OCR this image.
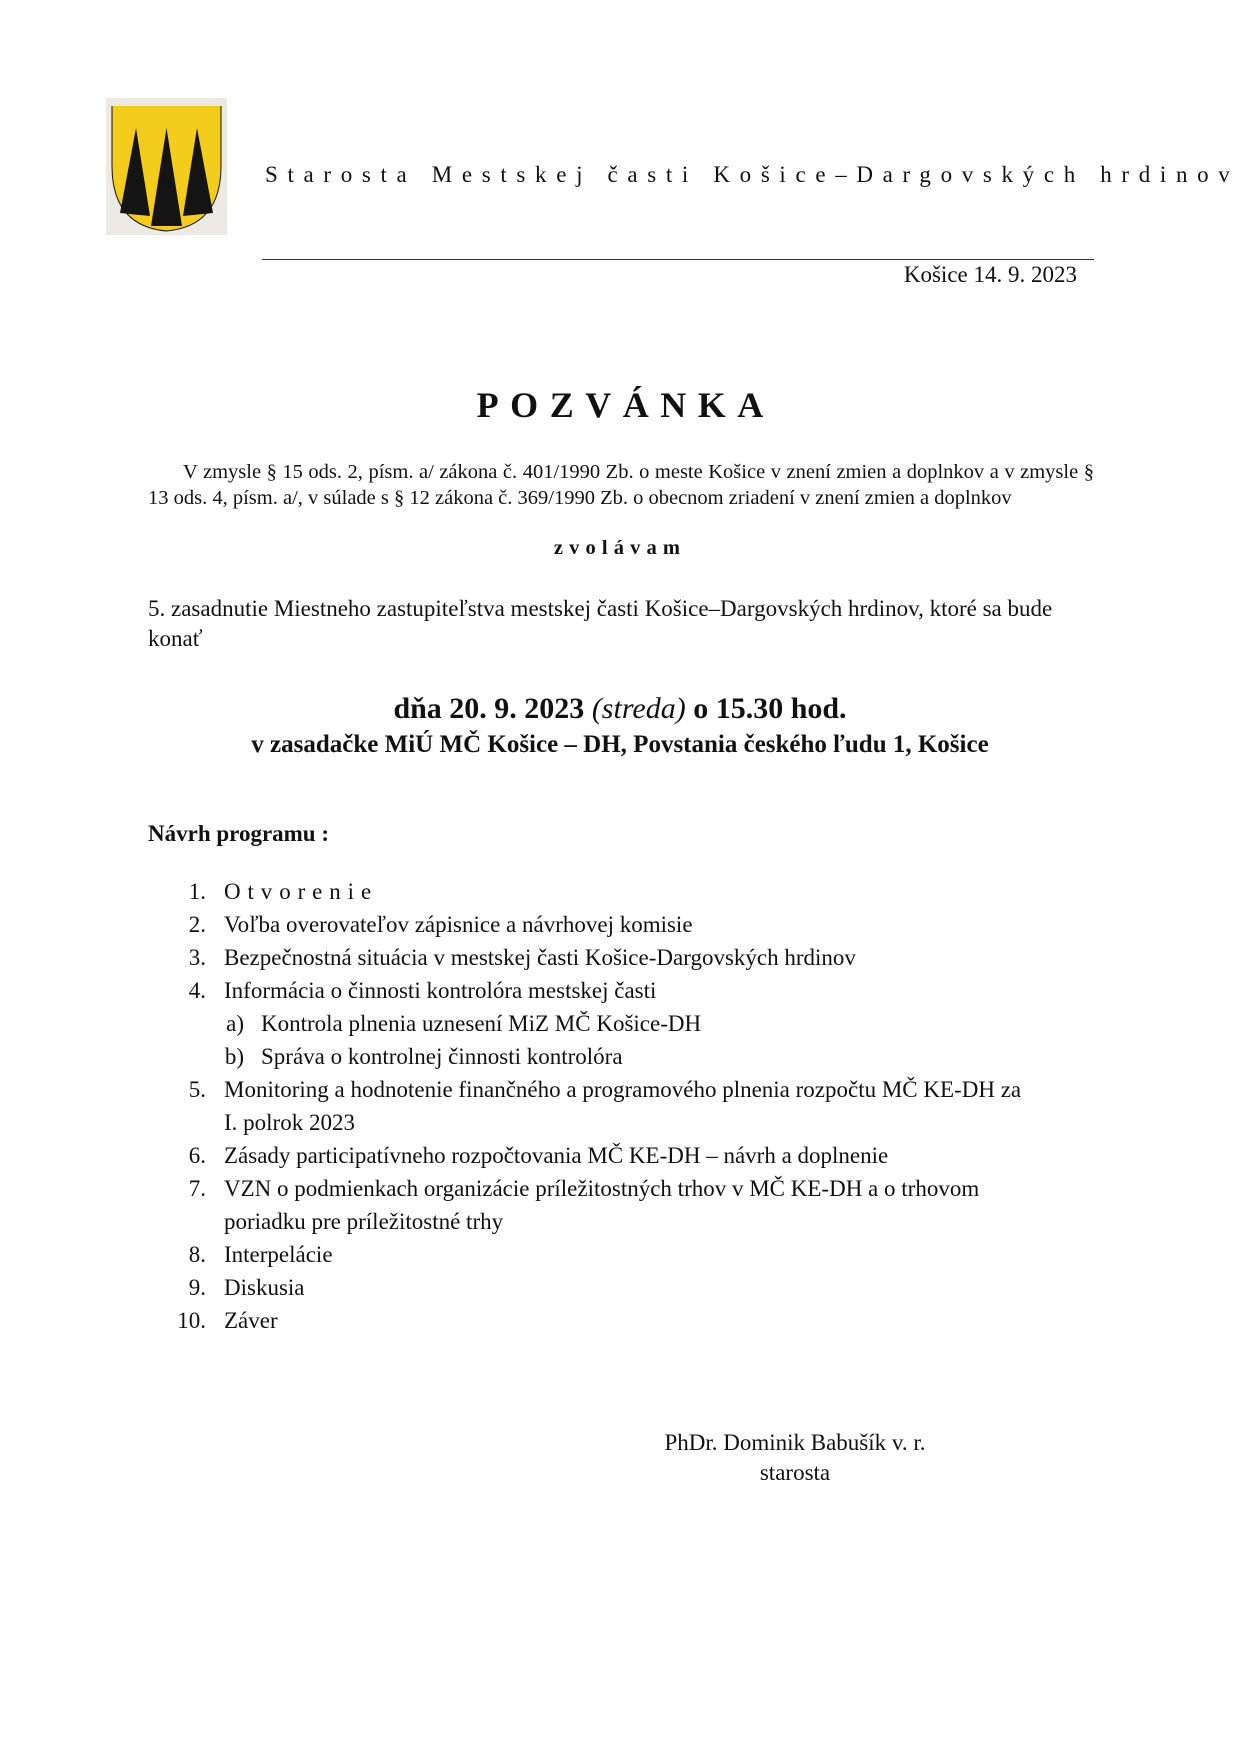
Starosta Mestskej časti Košice–Dargovských hrdinov
Košice 14. 9. 2023
POZVÁNKA

V zmysle § 15 ods. 2, písm. a/ zákona č. 401/1990 Zb. o meste Košice v znení zmien a doplnkov a v zmysle § 13 ods. 4, písm. a/, v súlade s § 12 zákona č. 369/1990 Zb. o obecnom zriadení v znení zmien a doplnkov

zvolávam
5. zasadnutie Miestneho zastupiteľstva mestskej časti Košice–Dargovských hrdinov, ktoré sa bude konať
dňa 20. 9. 2023 (streda) o 15.30 hod.
v zasadačke MiÚ MČ Košice – DH, Povstania českého ľudu 1, Košice
Návrh programu :
1. Otvorenie
2. Voľba overovateľov zápisnice a návrhovej komisie
3. Bezpečnostná situácia v mestskej časti Košice-Dargovských hrdinov
4. Informácia o činnosti kontrolóra mestskej časti
a) Kontrola plnenia uznesení MiZ MČ Košice-DH
b) Správa o kontrolnej činnosti kontrolóra
5. Monitoring a hodnotenie finančného a programového plnenia rozpočtu MČ KE-DH za
I. polrok 2023
6. Zásady participatívneho rozpočtovania MČ KE-DH – návrh a doplnenie
7. VZN o podmienkach organizácie príležitostných trhov v MČ KE-DH a o trhovom
poriadku pre príležitostné trhy
8. Interpelácie
9. Diskusia
10. Záver
PhDr. Dominik Babušík v. r.
starosta
